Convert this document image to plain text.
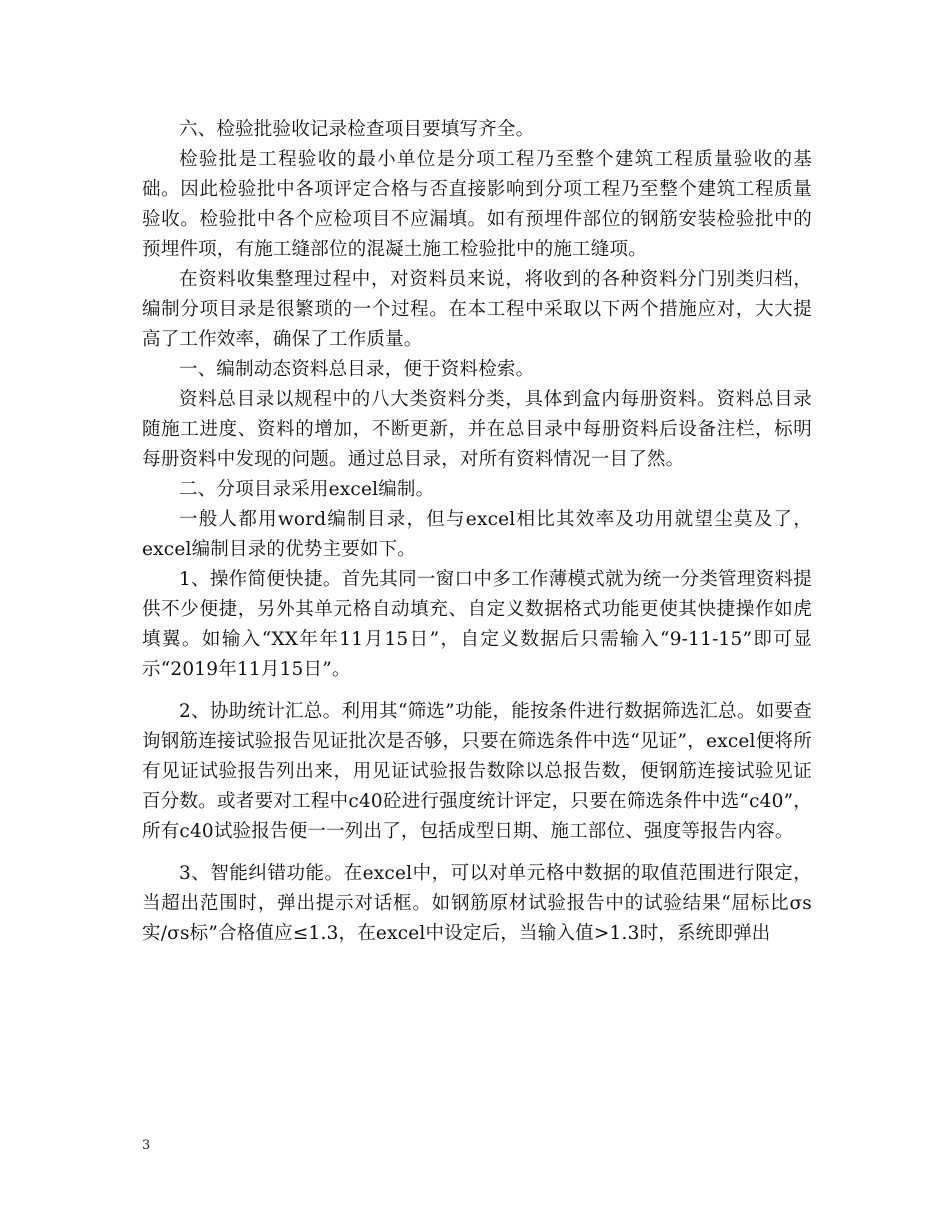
六、检验批验收记录检查项目要填写齐全。

检验批是工程验收的最小单位是分项工程乃至整个建筑工程质量验收的基础。因此检验批中各项评定合格与否直接影响到分项工程乃至整个建筑工程质量验收。检验批中各个应检项目不应漏填。如有预埋件部位的钢筋安装检验批中的预埋件项，有施工缝部位的混凝土施工检验批中的施工缝项。

在资料收集整理过程中，对资料员来说，将收到的各种资料分门别类归档，编制分项目录是很繁琐的一个过程。在本工程中采取以下两个措施应对，大大提高了工作效率，确保了工作质量。

一、编制动态资料总目录，便于资料检索。

资料总目录以规程中的八大类资料分类，具体到盒内每册资料。资料总目录随施工进度、资料的增加，不断更新，并在总目录中每册资料后设备注栏，标明每册资料中发现的问题。通过总目录，对所有资料情况一目了然。

二、分项目录采用excel编制。

一般人都用word编制目录，但与excel相比其效率及功用就望尘莫及了，excel编制目录的优势主要如下。

1、操作简便快捷。首先其同一窗口中多工作薄模式就为统一分类管理资料提供不少便捷，另外其单元格自动填充、自定义数据格式功能更使其快捷操作如虎填翼。如输入“XX年年11月15日”，自定义数据后只需输入“9-11-15”即可显示“2019年11月15日”。

2、协助统计汇总。利用其“筛选”功能，能按条件进行数据筛选汇总。如要查询钢筋连接试验报告见证批次是否够，只要在筛选条件中选“见证”，excel便将所有见证试验报告列出来，用见证试验报告数除以总报告数，便钢筋连接试验见证百分数。或者要对工程中c40砼进行强度统计评定，只要在筛选条件中选“c40”，所有c40试验报告便一一列出了，包括成型日期、施工部位、强度等报告内容。

3、智能纠错功能。在excel中，可以对单元格中数据的取值范围进行限定，当超出范围时，弹出提示对话框。如钢筋原材试验报告中的试验结果“屈标比σs实/σs标”合格值应≤1.3，在excel中设定后，当输入值>1.3时，系统即弹出

3
